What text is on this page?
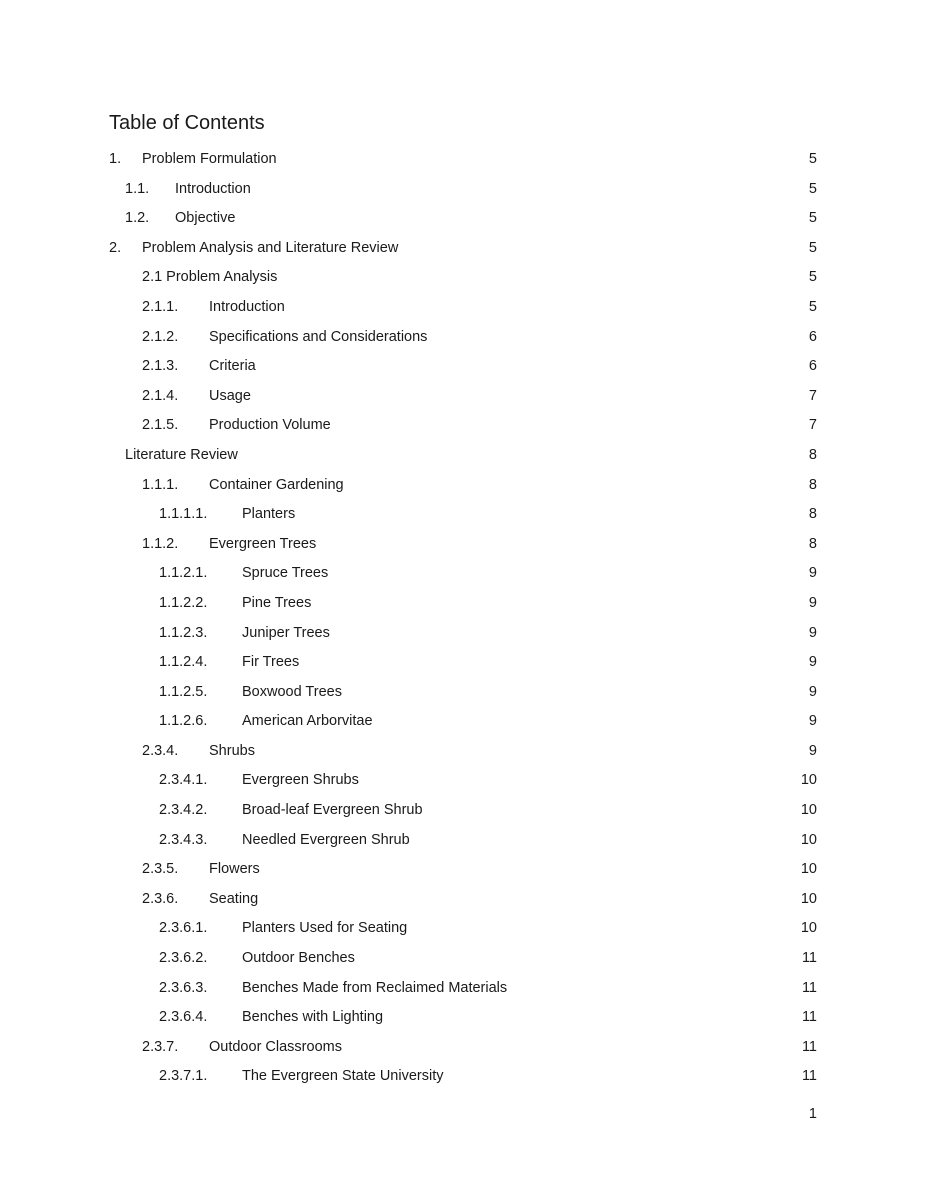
Table of Contents
1. Problem Formulation	5
1.1. Introduction	5
1.2. Objective	5
2. Problem Analysis and Literature Review	5
2.1 Problem Analysis	5
2.1.1. Introduction	5
2.1.2. Specifications and Considerations	6
2.1.3. Criteria	6
2.1.4. Usage	7
2.1.5. Production Volume	7
Literature Review	8
1.1.1. Container Gardening	8
1.1.1.1. Planters	8
1.1.2. Evergreen Trees	8
1.1.2.1. Spruce Trees	9
1.1.2.2. Pine Trees	9
1.1.2.3. Juniper Trees	9
1.1.2.4. Fir Trees	9
1.1.2.5. Boxwood Trees	9
1.1.2.6. American Arborvitae	9
2.3.4. Shrubs	9
2.3.4.1. Evergreen Shrubs	10
2.3.4.2. Broad-leaf Evergreen Shrub	10
2.3.4.3. Needled Evergreen Shrub	10
2.3.5. Flowers	10
2.3.6. Seating	10
2.3.6.1. Planters Used for Seating	10
2.3.6.2. Outdoor Benches	11
2.3.6.3. Benches Made from Reclaimed Materials	11
2.3.6.4. Benches with Lighting	11
2.3.7. Outdoor Classrooms	11
2.3.7.1. The Evergreen State University	11
1
